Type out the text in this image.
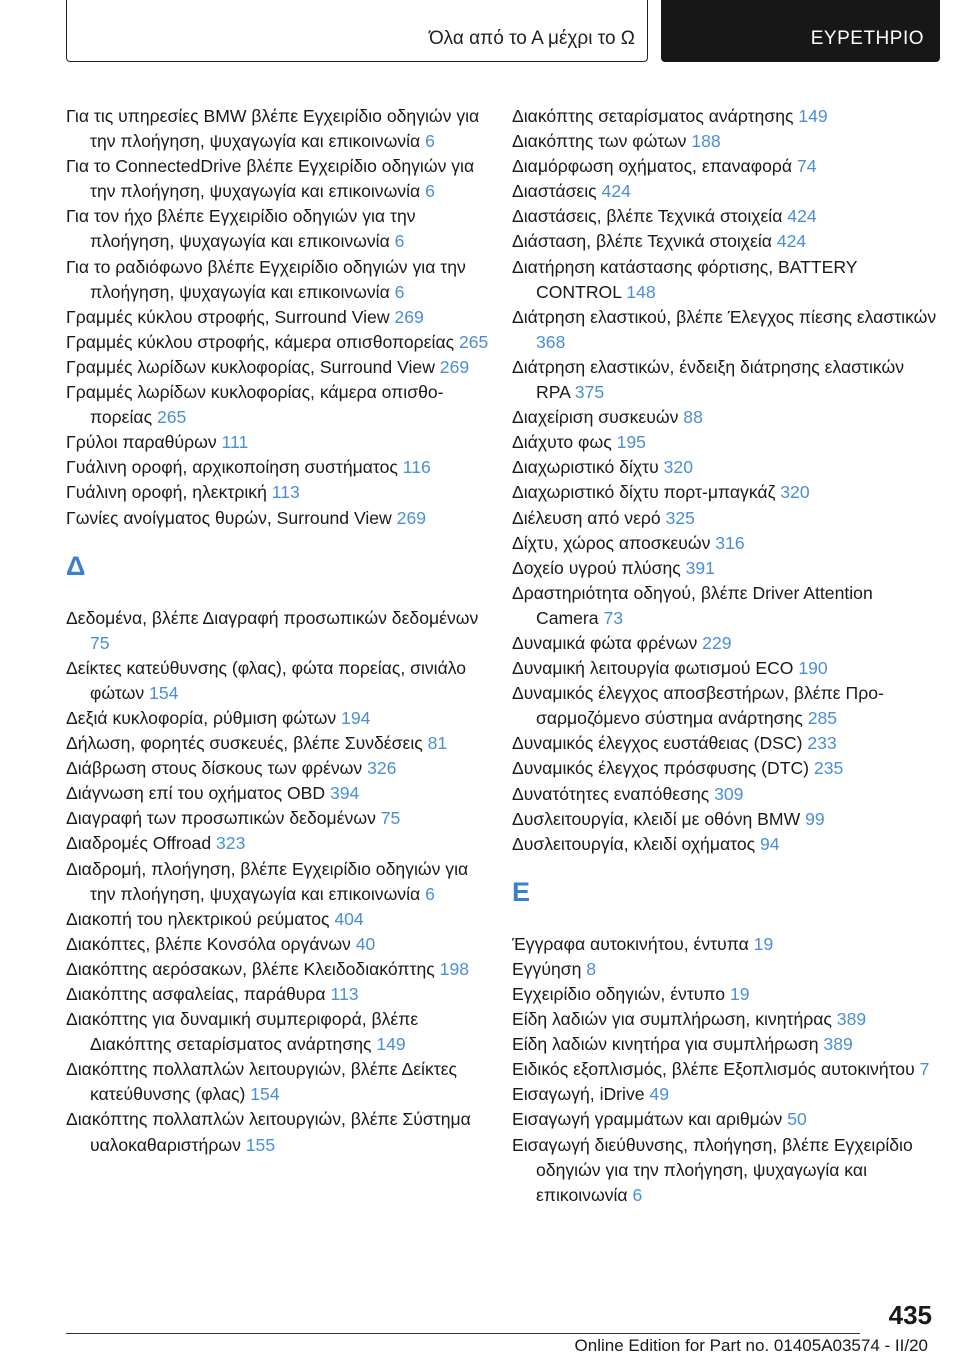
Όλα από το Α μέχρι το Ω	ΕΥΡΕΤΗΡΙΟ
Για τις υπηρεσίες BMW βλέπε Εγχειρίδιο οδηγιών για την πλοήγηση, ψυχαγωγία και επικοινωνία 6
Για το ConnectedDrive βλέπε Εγχειρίδιο οδηγιών για την πλοήγηση, ψυχαγωγία και επικοινωνία 6
Για τον ήχο βλέπε Εγχειρίδιο οδηγιών για την πλοήγηση, ψυχαγωγία και επικοινωνία 6
Για το ραδιόφωνο βλέπε Εγχειρίδιο οδηγιών για την πλοήγηση, ψυχαγωγία και επικοινωνία 6
Γραμμές κύκλου στροφής, Surround View 269
Γραμμές κύκλου στροφής, κάμερα οπισθοπορείας 265
Γραμμές λωρίδων κυκλοφορίας, Surround View 269
Γραμμές λωρίδων κυκλοφορίας, κάμερα οπισθοπορείας 265
Γρύλοι παραθύρων 111
Γυάλινη οροφή, αρχικοποίηση συστήματος 116
Γυάλινη οροφή, ηλεκτρική 113
Γωνίες ανοίγματος θυρών, Surround View 269
Δ
Δεδομένα, βλέπε Διαγραφή προσωπικών δεδομένων 75
Δείκτες κατεύθυνσης (φλας), φώτα πορείας, σινιάλο φώτων 154
Δεξιά κυκλοφορία, ρύθμιση φώτων 194
Δήλωση, φορητές συσκευές, βλέπε Συνδέσεις 81
Διάβρωση στους δίσκους των φρένων 326
Διάγνωση επί του οχήματος OBD 394
Διαγραφή των προσωπικών δεδομένων 75
Διαδρομές Offroad 323
Διαδρομή, πλοήγηση, βλέπε Εγχειρίδιο οδηγιών για την πλοήγηση, ψυχαγωγία και επικοινωνία 6
Διακοπή του ηλεκτρικού ρεύματος 404
Διακόπτες, βλέπε Κονσόλα οργάνων 40
Διακόπτης αερόσακων, βλέπε Κλειδοδιακόπτης 198
Διακόπτης ασφαλείας, παράθυρα 113
Διακόπτης για δυναμική συμπεριφορά, βλέπε Διακόπτης σεταρίσματος ανάρτησης 149
Διακόπτης πολλαπλών λειτουργιών, βλέπε Δείκτες κατεύθυνσης (φλας) 154
Διακόπτης πολλαπλών λειτουργιών, βλέπε Σύστημα υαλοκαθαριστήρων 155
Διακόπτης σεταρίσματος ανάρτησης 149
Διακόπτης των φώτων 188
Διαμόρφωση οχήματος, επαναφορά 74
Διαστάσεις 424
Διαστάσεις, βλέπε Τεχνικά στοιχεία 424
Διάσταση, βλέπε Τεχνικά στοιχεία 424
Διατήρηση κατάστασης φόρτισης, BATTERY CONTROL 148
Διάτρηση ελαστικού, βλέπε Έλεγχος πίεσης ελαστικών 368
Διάτρηση ελαστικών, ένδειξη διάτρησης ελαστικών RPA 375
Διαχείριση συσκευών 88
Διάχυτο φως 195
Διαχωριστικό δίχτυ 320
Διαχωριστικό δίχτυ πορτ-μπαγκάζ 320
Διέλευση από νερό 325
Δίχτυ, χώρος αποσκευών 316
Δοχείο υγρού πλύσης 391
Δραστηριότητα οδηγού, βλέπε Driver Attention Camera 73
Δυναμικά φώτα φρένων 229
Δυναμική λειτουργία φωτισμού ECO 190
Δυναμικός έλεγχος αποσβεστήρων, βλέπε Προσαρμοζόμενο σύστημα ανάρτησης 285
Δυναμικός έλεγχος ευστάθειας (DSC) 233
Δυναμικός έλεγχος πρόσφυσης (DTC) 235
Δυνατότητες εναπόθεσης 309
Δυσλειτουργία, κλειδί με οθόνη BMW 99
Δυσλειτουργία, κλειδί οχήματος 94
Ε
Έγγραφα αυτοκινήτου, έντυπα 19
Εγγύηση 8
Εγχειρίδιο οδηγιών, έντυπο 19
Είδη λαδιών για συμπλήρωση, κινητήρας 389
Είδη λαδιών κινητήρα για συμπλήρωση 389
Ειδικός εξοπλισμός, βλέπε Εξοπλισμός αυτοκινήτου 7
Εισαγωγή, iDrive 49
Εισαγωγή γραμμάτων και αριθμών 50
Εισαγωγή διεύθυνσης, πλοήγηση, βλέπε Εγχειρίδιο οδηγιών για την πλοήγηση, ψυχαγωγία και επικοινωνία 6
435
Online Edition for Part no. 01405A03574 - II/20
